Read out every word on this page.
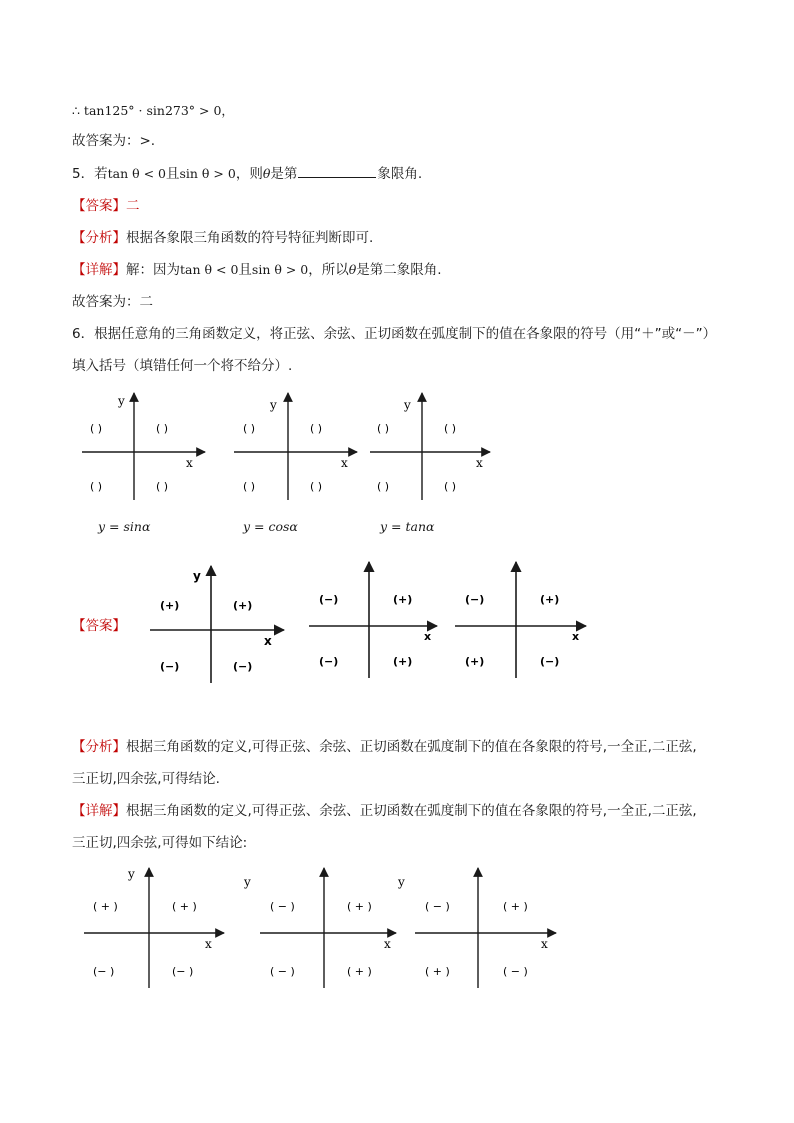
∴ tan125° · sin273° > 0，
故答案为：>.
5．若tan θ < 0且sin θ > 0，则θ是第	象限角.
【答案】二
【分析】根据各象限三角函数的符号特征判断即可.
【详解】解：因为tan θ < 0且sin θ > 0，所以θ是第二象限角.
故答案为：二
6．根据任意角的三角函数定义，将正弦、余弦、正切函数在弧度制下的值在各象限的符号（用“＋”或“－”）
填入括号（填错任何一个将不给分）.
y
x
( )	( )
( )	( )
y
x
( )	( )
( )	( )
y
x
( )	( )
( )	( )
y
x
(+)	(+)
(−)	(−)
x
(−)	(+)
(−)	(+)
x
(−)	(+)
(+)	(−)
y
x
( + )	( + )
(− )	(− )
y
x
( − )	( + )
( − )	( + )
y
x
( − )	( + )
( + )	( − )
y = sinα	y = cosα	y = tanα
【答案】
【分析】根据三角函数的定义,可得正弦、余弦、正切函数在弧度制下的值在各象限的符号,一全正,二正弦,
三正切,四余弦,可得结论.
【详解】根据三角函数的定义,可得正弦、余弦、正切函数在弧度制下的值在各象限的符号,一全正,二正弦,
三正切,四余弦,可得如下结论:
